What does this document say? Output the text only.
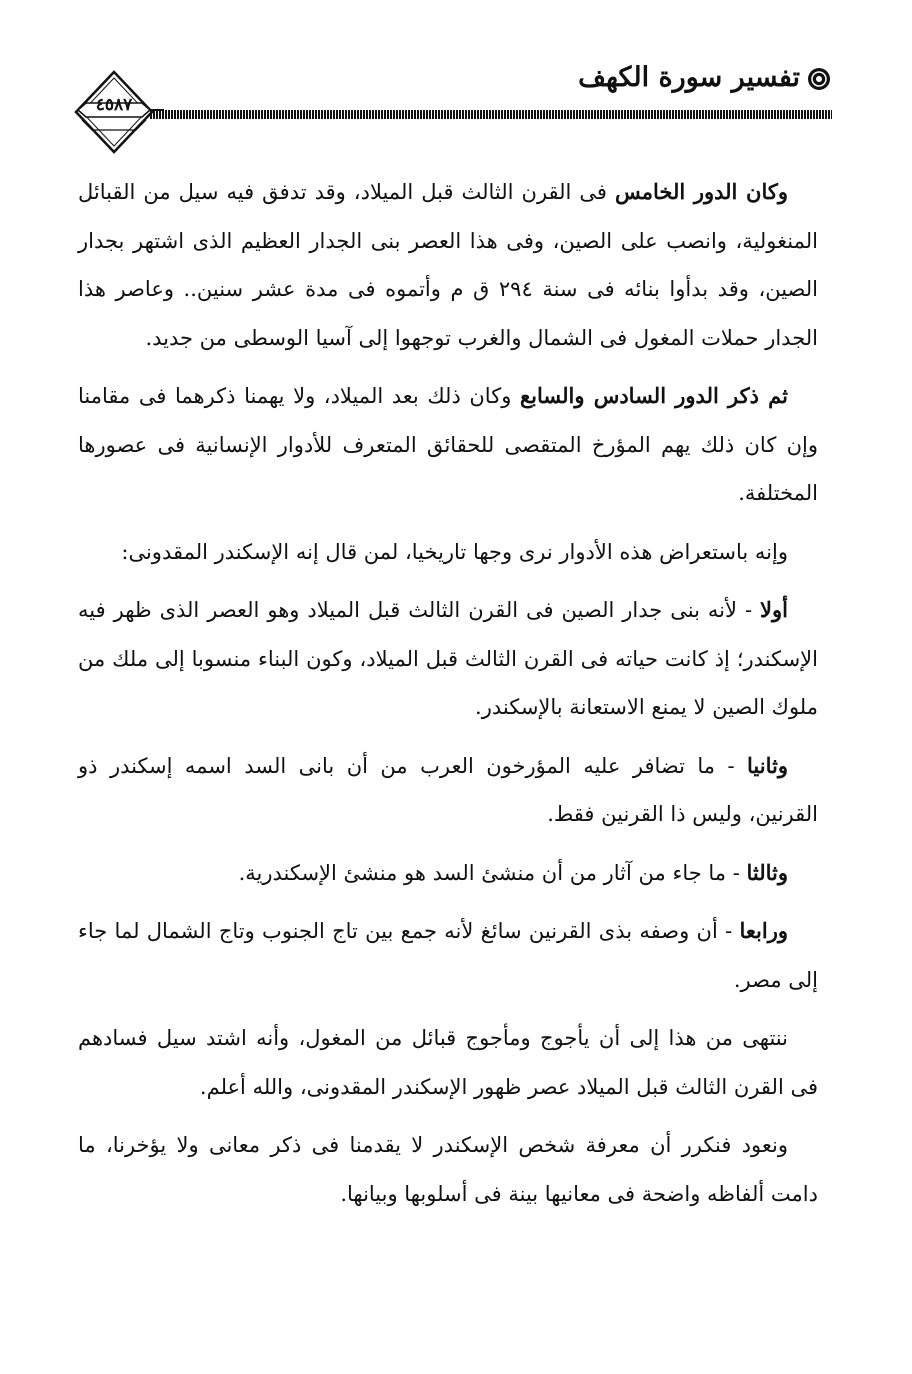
تفسير سورة الكهف
٤٥٨٧

وكان الدور الخامس فى القرن الثالث قبل الميلاد، وقد تدفق فيه سيل من القبائل المنغولية، وانصب على الصين، وفى هذا العصر بنى الجدار العظيم الذى اشتهر بجدار الصين، وقد بدأوا بنائه فى سنة ٢٩٤ ق م وأتموه فى مدة عشر سنين.. وعاصر هذا الجدار حملات المغول فى الشمال والغرب توجهوا إلى آسيا الوسطى من جديد.

ثم ذكر الدور السادس والسابع وكان ذلك بعد الميلاد، ولا يهمنا ذكرهما فى مقامنا وإن كان ذلك يهم المؤرخ المتقصى للحقائق المتعرف للأدوار الإنسانية فى عصورها المختلفة.

وإنه باستعراض هذه الأدوار نرى وجها تاريخيا، لمن قال إنه الإسكندر المقدونى:

أولا - لأنه بنى جدار الصين فى القرن الثالث قبل الميلاد وهو العصر الذى ظهر فيه الإسكندر؛ إذ كانت حياته فى القرن الثالث قبل الميلاد، وكون البناء منسوبا إلى ملك من ملوك الصين لا يمنع الاستعانة بالإسكندر.

وثانيا - ما تضافر عليه المؤرخون العرب من أن بانى السد اسمه إسكندر ذو القرنين، وليس ذا القرنين فقط.

وثالثا - ما جاء من آثار من أن منشئ السد هو منشئ الإسكندرية.

ورابعا - أن وصفه بذى القرنين سائغ لأنه جمع بين تاج الجنوب وتاج الشمال لما جاء إلى مصر.

ننتهى من هذا إلى أن يأجوج ومأجوج قبائل من المغول، وأنه اشتد سيل فسادهم فى القرن الثالث قبل الميلاد عصر ظهور الإسكندر المقدونى، والله أعلم.

ونعود فنكرر أن معرفة شخص الإسكندر لا يقدمنا فى ذكر معانى ولا يؤخرنا، ما دامت ألفاظه واضحة فى معانيها بينة فى أسلوبها وبيانها.
